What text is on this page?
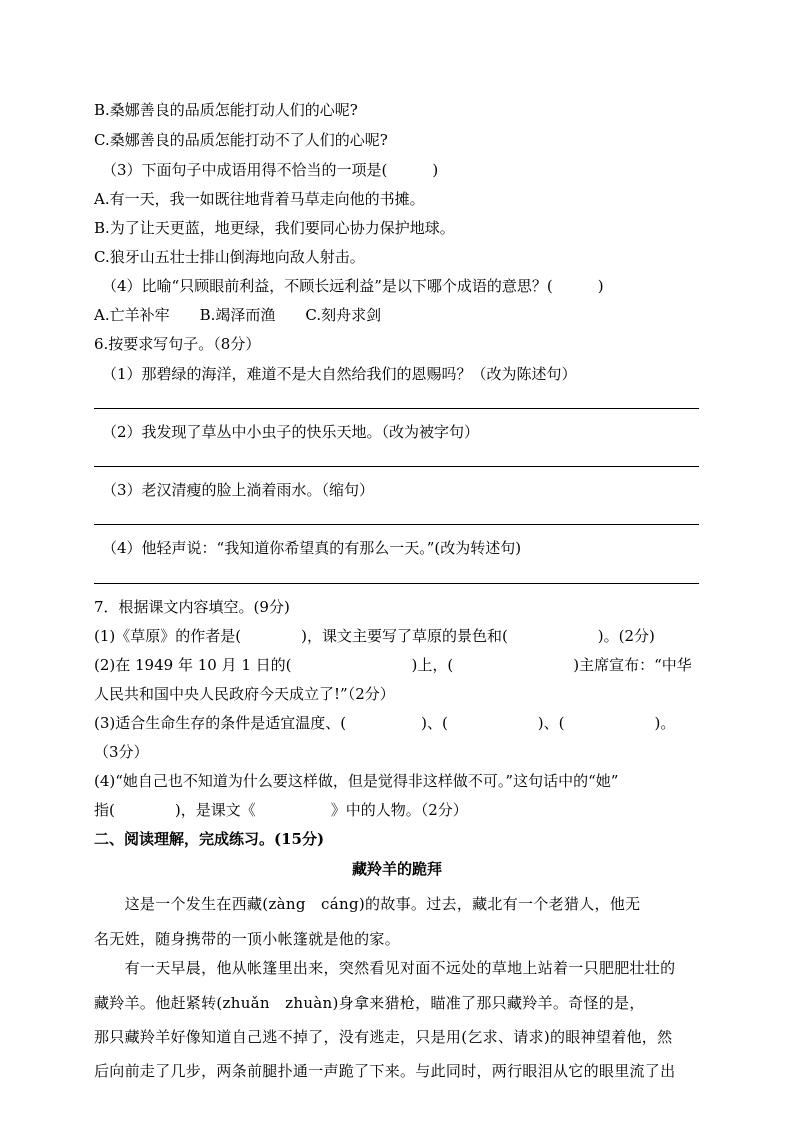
B.桑娜善良的品质怎能打动人们的心呢?
C.桑娜善良的品质怎能打动不了人们的心呢?
（3）下面句子中成语用得不恰当的一项是(　　　)
A.有一天，我一如既往地背着马草走向他的书摊。
B.为了让天更蓝，地更绿，我们要同心协力保护地球。
C.狼牙山五壮士排山倒海地向敌人射击。
（4）比喻“只顾眼前利益，不顾长远利益”是以下哪个成语的意思？(　　　)
A.亡羊补牢　　B.竭泽而渔　　C.刻舟求剑
6.按要求写句子。（8分）
（1）那碧绿的海洋，难道不是大自然给我们的恩赐吗？（改为陈述句）
（2）我发现了草丛中小虫子的快乐天地。（改为被字句）
（3）老汉清瘦的脸上淌着雨水。（缩句）
（4）他轻声说：“我知道你希望真的有那么一天。”(改为转述句)
7．根据课文内容填空。(9分)
(1)《草原》的作者是(　　　　)，课文主要写了草原的景色和(　　　　　　)。(2分)
(2)在 1949 年 10 月 1 日的(　　　　　　　　)上，(　　　　　　　　)主席宣布：“中华
人民共和国中央人民政府今天成立了!”（2分）
(3)适合生命生存的条件是适宜温度、(　　　　　)、(　　　　　　)、(　　　　　　)。
（3分）
(4)“她自己也不知道为什么要这样做，但是觉得非这样做不可。”这句话中的“她”
指(　　　　)，是课文《　　　　　》中的人物。（2分）
二、阅读理解，完成练习。(15分)
藏羚羊的跪拜
　　这是一个发生在西藏(zàng　cáng)的故事。过去，藏北有一个老猎人，他无
名无姓，随身携带的一顶小帐篷就是他的家。
　　有一天早晨，他从帐篷里出来，突然看见对面不远处的草地上站着一只肥肥壮壮的
藏羚羊。他赶紧转(zhuǎn　zhuàn)身拿来猎枪，瞄准了那只藏羚羊。奇怪的是，
那只藏羚羊好像知道自己逃不掉了，没有逃走，只是用(乞求、请求)的眼神望着他，然
后向前走了几步，两条前腿扑通一声跪了下来。与此同时，两行眼泪从它的眼里流了出
